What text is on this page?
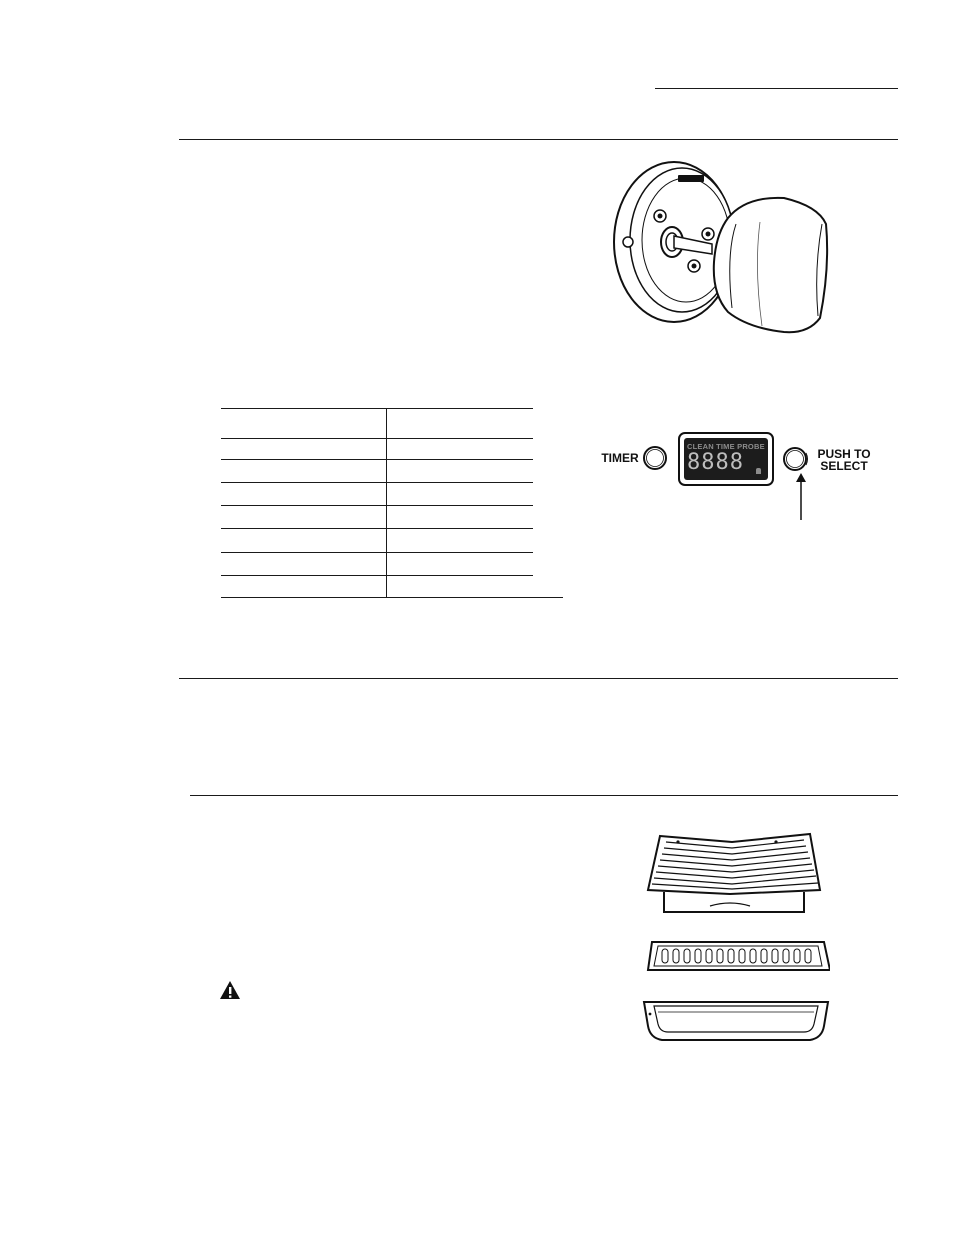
TIMER
CLEAN TIME PROBE
8888	PUSH TO
SELECT
